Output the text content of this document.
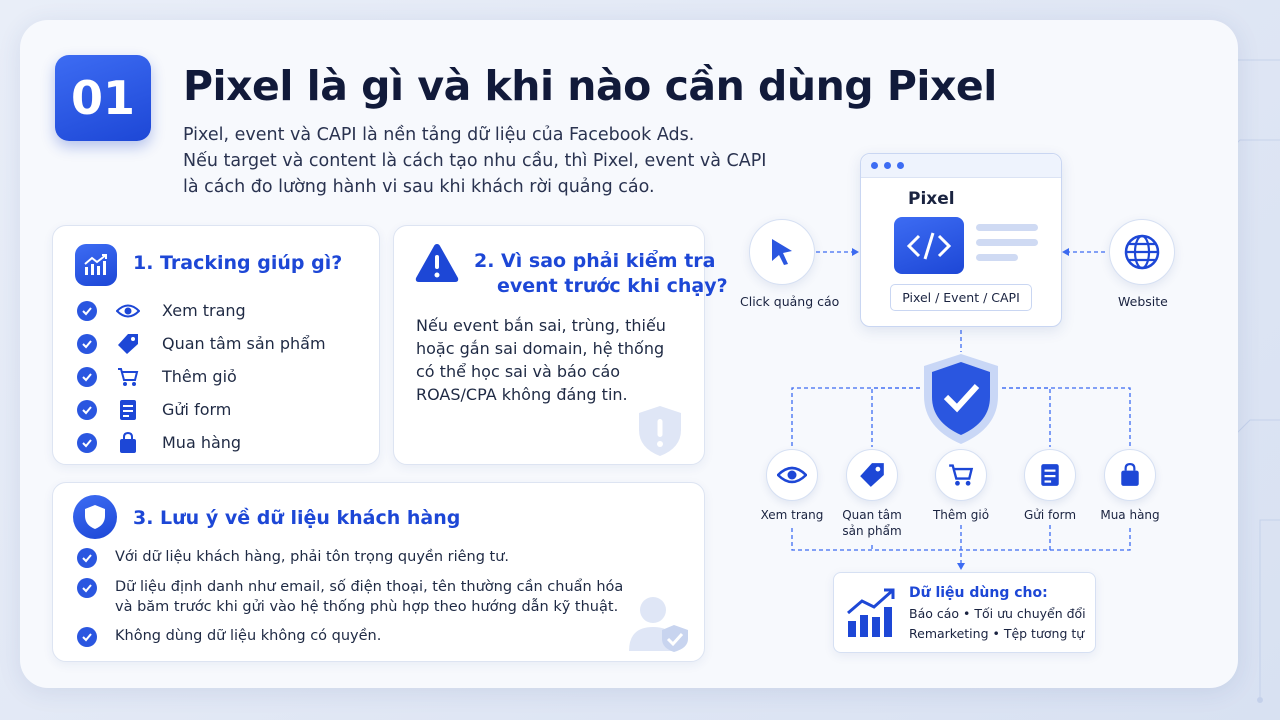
01	Pixel là gì và khi nào cần dùng Pixel
Pixel, event và CAPI là nền tảng dữ liệu của Facebook Ads.
Nếu target và content là cách tạo nhu cầu, thì Pixel, event và CAPI
là cách đo lường hành vi sau khi khách rời quảng cáo.
1. Tracking giúp gì?
Xem trang
Quan tâm sản phẩm
Thêm giỏ
Gửi form
Mua hàng
2. Vì sao phải kiểm tra
event trước khi chạy?
Nếu event bắn sai, trùng, thiếu
hoặc gắn sai domain, hệ thống
có thể học sai và báo cáo
ROAS/CPA không đáng tin.
3. Lưu ý về dữ liệu khách hàng
Với dữ liệu khách hàng, phải tôn trọng quyền riêng tư.
Dữ liệu định danh như email, số điện thoại, tên thường cần chuẩn hóa
và băm trước khi gửi vào hệ thống phù hợp theo hướng dẫn kỹ thuật.
Không dùng dữ liệu không có quyền.
Pixel
Pixel / Event / CAPI
Click quảng cáo	Website
Xem trang	Quan tâm sản phẩm
Thêm giỏ	Gửi form	Mua hàng
Dữ liệu dùng cho:
Báo cáo • Tối ưu chuyển đổi
Remarketing • Tệp tương tự
